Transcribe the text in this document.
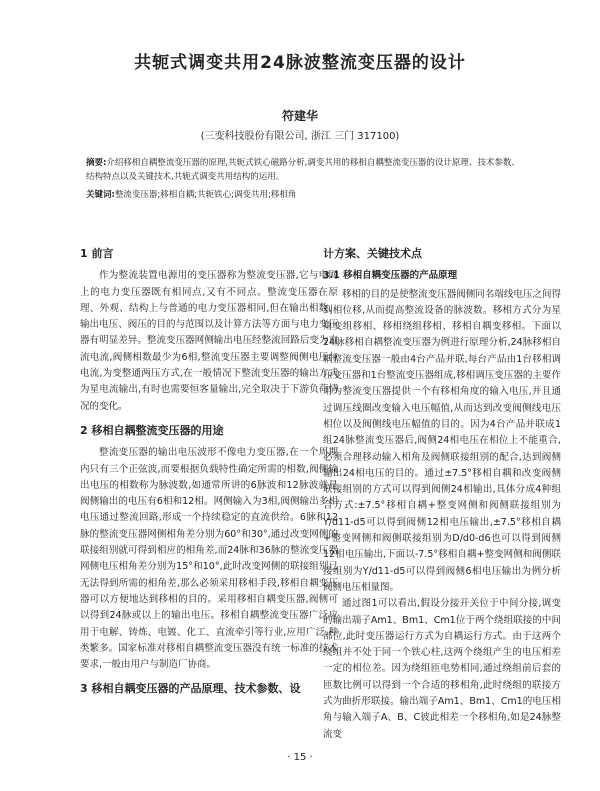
共轭式调变共用24脉波整流变压器的设计
符建华
(三变科技股份有限公司, 浙江 三门 317100)
摘要:介绍移相自耦整流变压器的原理,共轭式铁心磁路分析,调变共用的移相自耦整流变压器的设计原理、技术参数、结构特点以及关键技术,共轭式调变共用结构的运用。
关键词:整流变压器;移相自耦;共轭铁心;调变共用;移相角
1 前言

作为整流装置电源用的变压器称为整流变压器,它与电网上的电力变压器既有相同点,又有不同点。整流变压器在原理、外观、结构上与普通的电力变压器相同,但在输出相数、输出电压、阀压的目的与范围以及计算方法等方面与电力变压器有明显差异。整流变压器网侧输出电压经整流回路后变为直流电流,阀侧相数最少为6相,整流变压器主要调整阀侧电压与电流,为变整通两压方式,在一般情况下整流变压器的输出方式为星电流输出,有时也需要恒客量输出,完全取决于下游负荷情况的变化。

2 移相自耦整流变压器的用途

整流变压器的输出电压波形不像电力变压器,在一个周期内只有三个正弦波,而要根据负载特性确定所需的相数,阀侧输出电压的相数称为脉波数,如通常所讲的6脉波和12脉波就是阀侧输出的电压有6相和12相。网侧输入为3相,阀侧输出多相电压通过整流回路,形成一个持续稳定的直流供给。6脉和12脉的整流变压器网侧相角差分别为60°和30°,通过改变网侧的联接组别就可得到相应的相角差,而24脉和36脉的整流变压器网侧电压相角差分别为15°和10°,此时改变网侧的联接组别已无法得到所需的相角差,那么必须采用移相手段,移相自耦变压器可以方便地达到移相的目的。采用移相自耦变压器,阀侧可以得到24脉或以上的输出电压。移相自耦整流变压器广泛应用于电解、铸炼、电镀、化工、直流牵引等行业,应用广泛,种类繁多。国家标准对移相自耦整流变压器没有统一标准的技术要求,一般由用户与制造厂协商。

3 移相自耦变压器的产品原理、技术参数、设
计方案、关键技术点
3.1 移相自耦变压器的产品原理

移相的目的是使整流变压器阀侧同名端线电压之间得到相位移,从而提高整流设备的脉波数。移相方式分为星角变组移相、移相绕组移相、移相自耦变移相。下面以24脉移相自耦整流变压器为例进行原理分析,24脉移相自耦整流变压器一般由4台产品并联,每台产品由1台移相调压变压器和1台整流变压器组成,移相调压变压器的主要作用为整流变压器提供一个有移相角度的输入电压,并且通过调压线圈改变输入电压幅值,从而达到改变阀侧线电压相位以及阀侧线电压幅值的目的。因为4台产品并联成1组24脉整流变压器后,阀侧24相电压在相位上不能重合,必须合理移动输入相角及阀侧联接组别的配合,达到阀侧输出24相电压的目的。通过±7.5°移相自耦和改变阀侧联接组别的方式可以得到阀侧24相输出,具体分成4种组合方式:±7.5°移相自耦+整变网侧和阀侧联接组别为Y/d11-d5可以得到阀侧12相电压输出,±7.5°移相自耦+整变网侧和阀侧联接组别为D/d0-d6也可以得到阀侧12相电压输出,下面以-7.5°移相自耦+整变网侧和阀侧联接组别为Y/d11-d5可以得到阀侧6相电压输出为例分析阀侧电压相量图。

通过图1可以看出,假设分接开关位于中间分接,调变的输出端子Am1、Bm1、Cm1位于两个绕组联接的中间部位,此时变压器运行方式为自耦运行方式。由于这两个绕组并不处于同一个铁心柱,这两个绕组产生的电压相差一定的相位差。因为绕组匝电势相同,通过绕组前后套的匝数比例可以得到一个合适的移相角,此时绕组的联接方式为曲折形联接。输出端子Am1、Bm1、Cm1的电压相角与输入端子A、B、C彼此相差一个移相角,如是24脉整流变

· 15 ·
